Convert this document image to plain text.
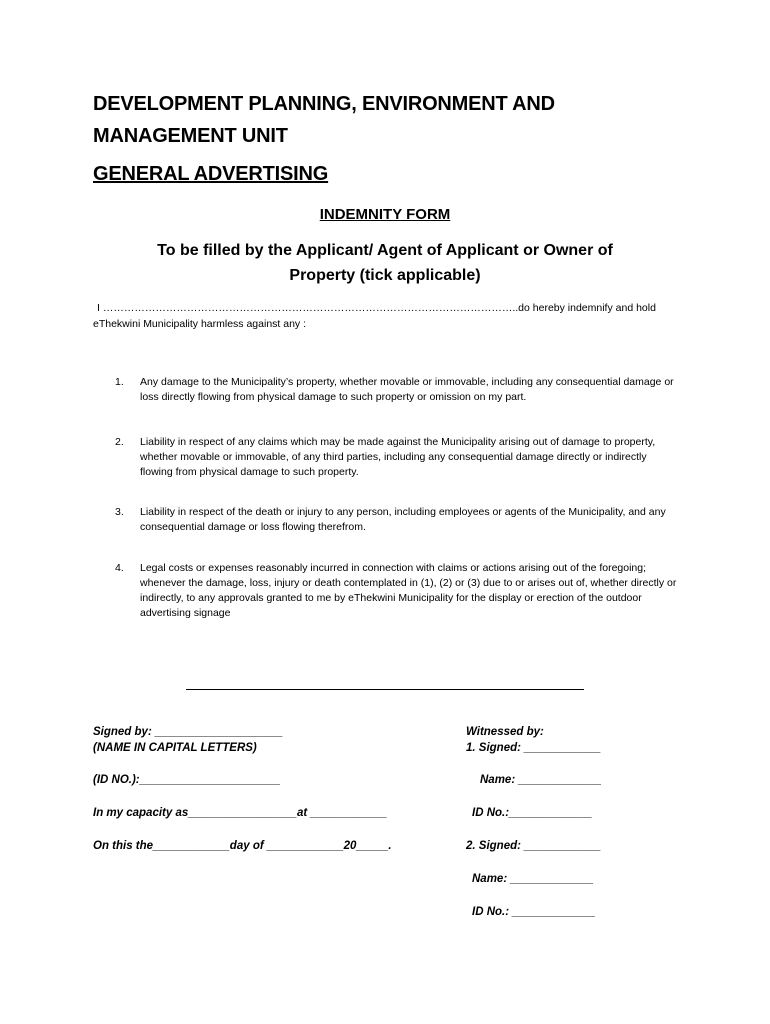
DEVELOPMENT PLANNING, ENVIRONMENT AND
MANAGEMENT UNIT
GENERAL ADVERTISING
INDEMNITY FORM
To be filled by the Applicant/ Agent of Applicant or Owner of
Property (tick applicable)
I ………………………………………………………………………………………………………..do hereby indemnify and hold
eThekwini Municipality harmless against any :
1.	Any damage to the Municipality’s property, whether movable or immovable, including any consequential damage or loss directly flowing from physical damage to such property or omission on my part.
2.	Liability in respect of any claims which may be made against the Municipality arising out of damage to property, whether movable or immovable, of any third parties, including any consequential damage directly or indirectly flowing from physical damage to such property.
3.	Liability in respect of the death or injury to any person, including employees or agents of the Municipality, and any consequential damage or loss flowing therefrom.
4.	Legal costs or expenses reasonably incurred in connection with claims or actions arising out of the foregoing; whenever the damage, loss, injury or death contemplated in (1), (2) or (3) due to or arises out of, whether directly or indirectly, to any approvals granted to me by eThekwini Municipality for the display or erection of the outdoor advertising signage
Signed by: ____________________
(NAME IN CAPITAL LETTERS)
(ID NO.):______________________
In my capacity as_________________at ____________
On this the____________day of ____________20_____.
Witnessed by:
1. Signed: ____________
Name: _____________
ID No.:_____________
2. Signed: ____________
Name: _____________
ID No.: _____________
